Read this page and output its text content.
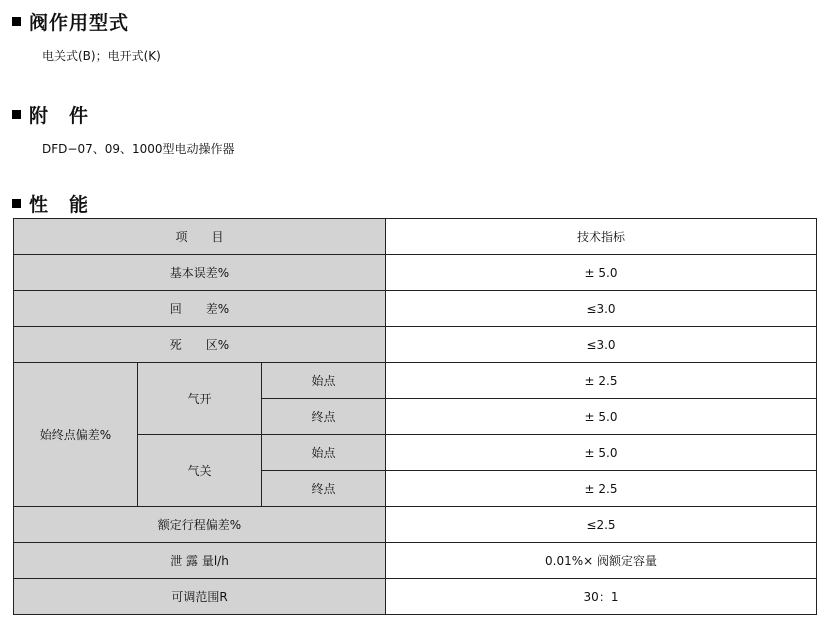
阀作用型式
电关式(B)；电开式(K)
附　件
DFD−07、09、1000型电动操作器
性　能
项　　目			技术指标
基本误差%			± 5.0
回　　差%			≤3.0
死　　区%			≤3.0
始终点偏差%	气开	始点	± 2.5
		终点	± 5.0
	气关	始点	± 5.0
		终点	± 2.5
额定行程偏差%			≤2.5
泄 露 量l/h			0.01%× 阀额定容量
可调范围R			30：1
